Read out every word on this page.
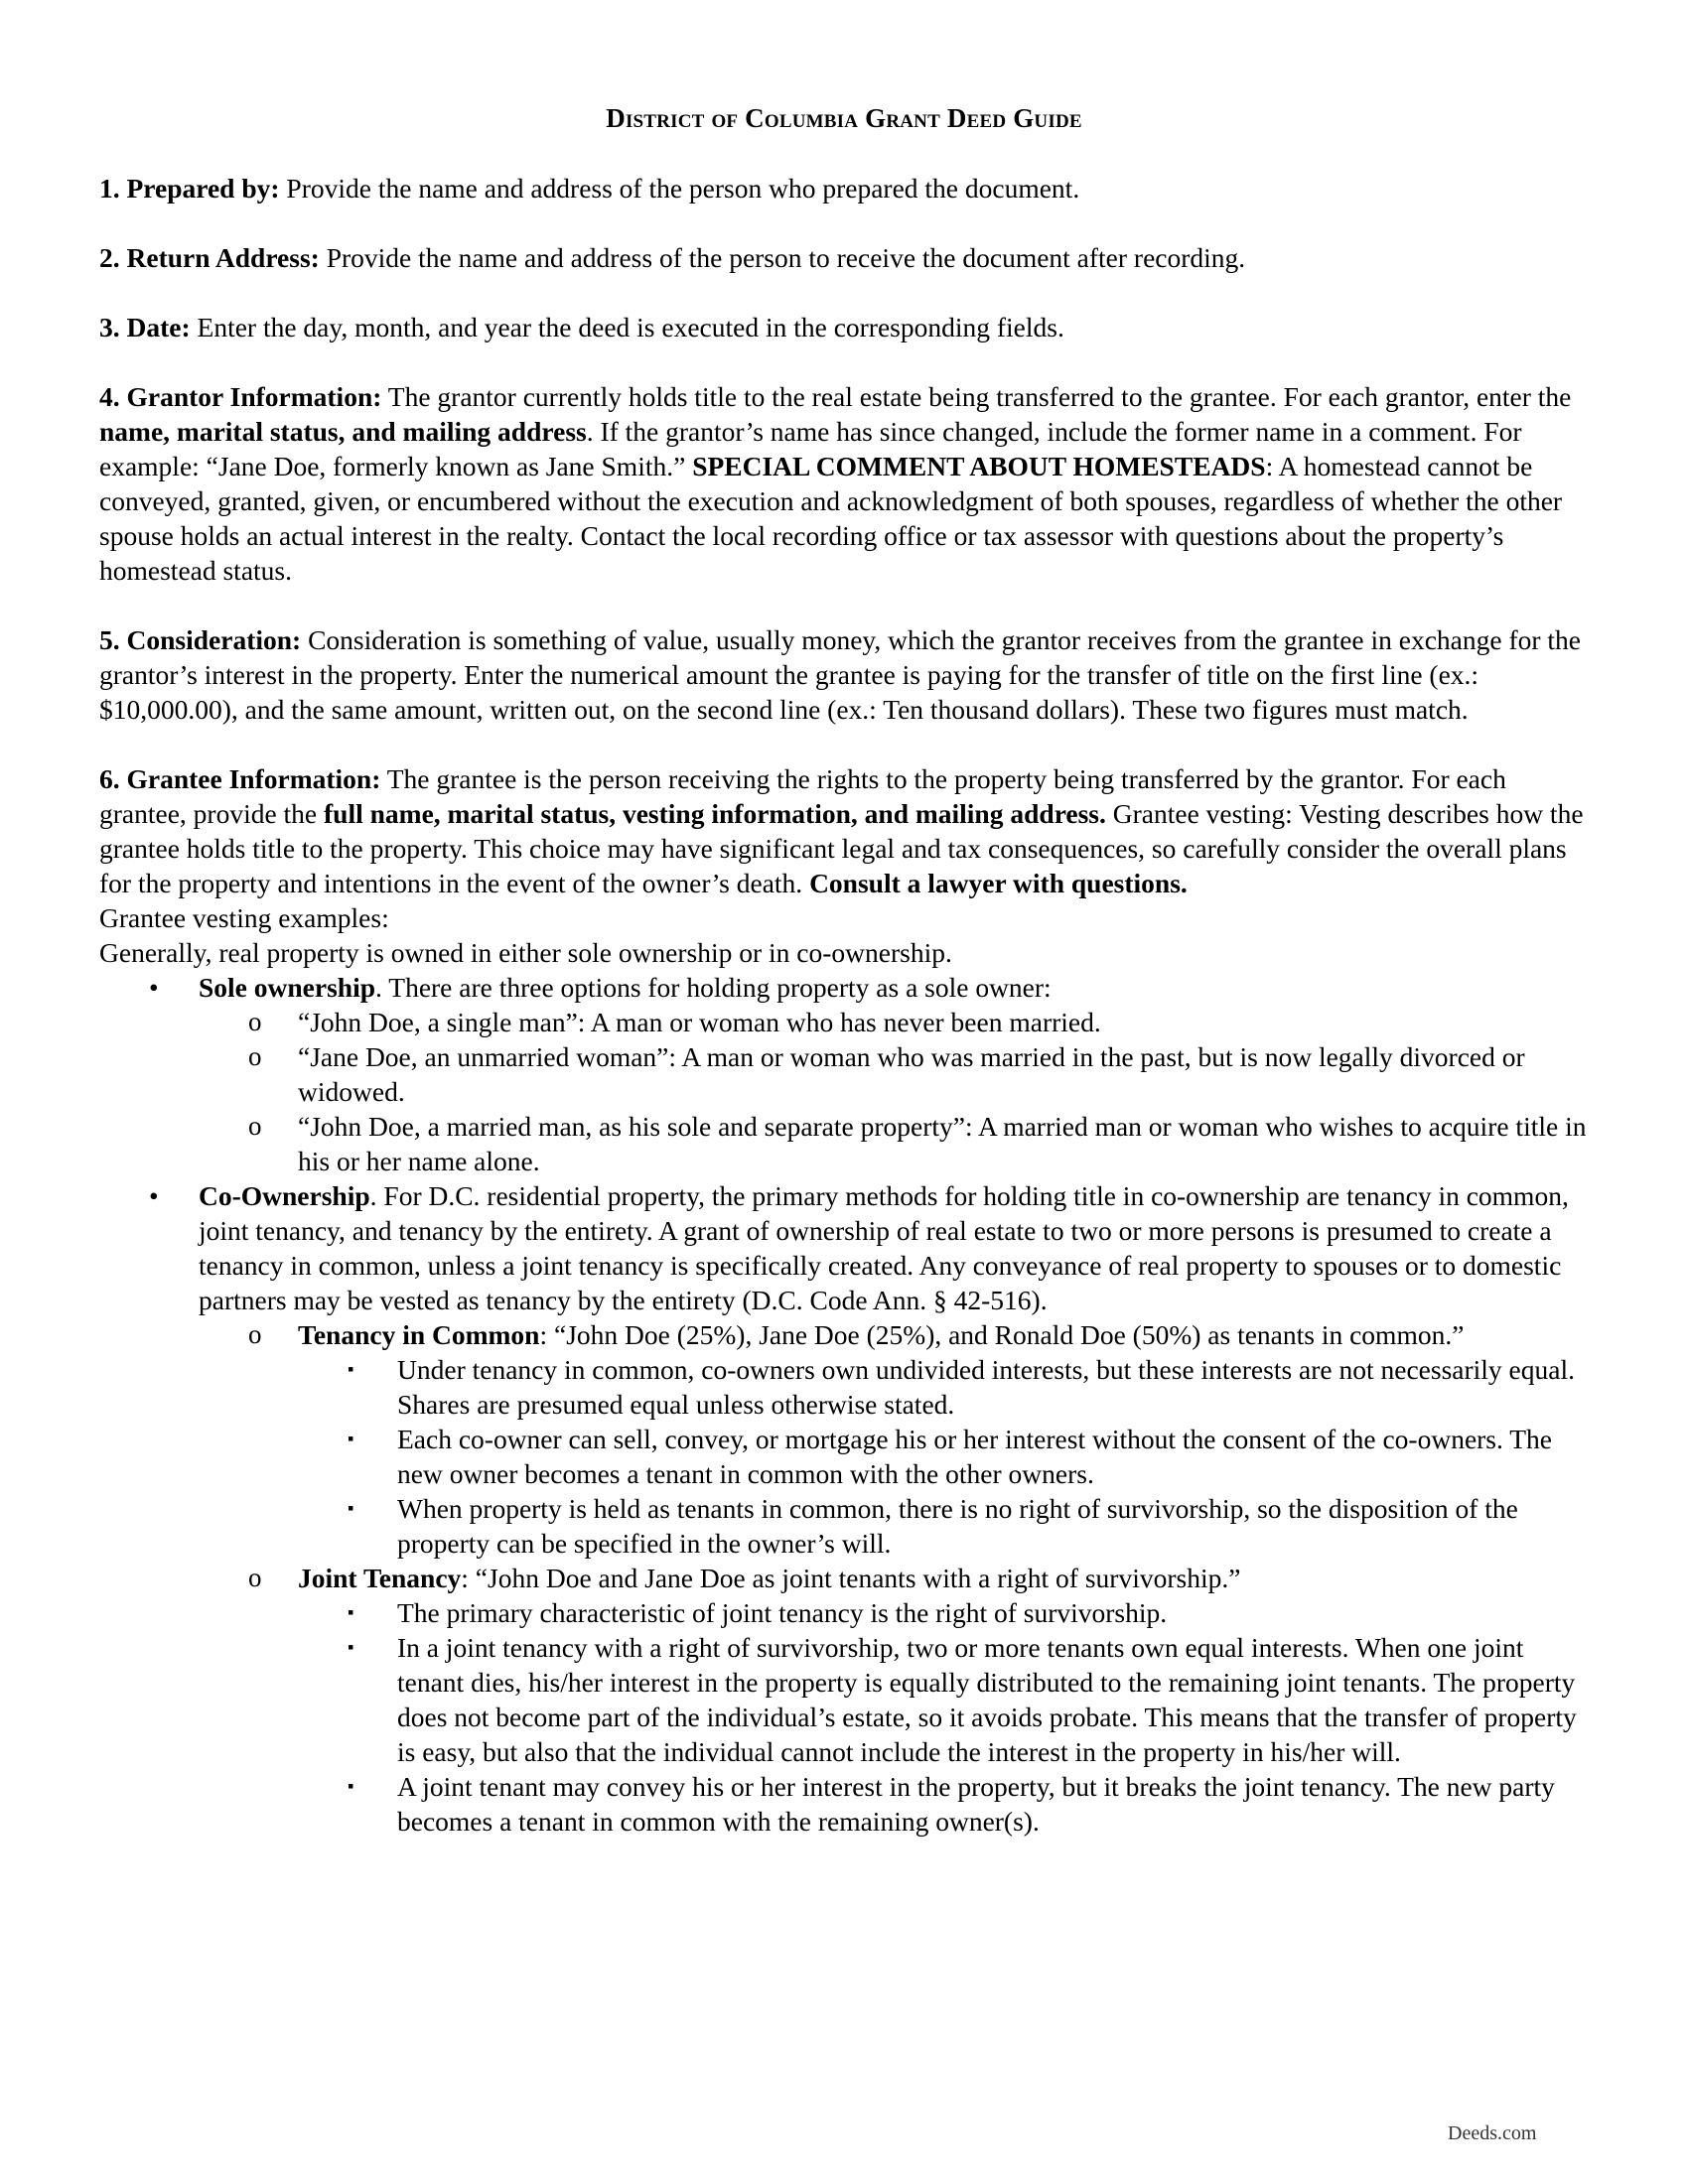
District of Columbia Grant Deed Guide

1. Prepared by: Provide the name and address of the person who prepared the document.

2. Return Address: Provide the name and address of the person to receive the document after recording.

3. Date: Enter the day, month, and year the deed is executed in the corresponding fields.

4. Grantor Information: The grantor currently holds title to the real estate being transferred to the grantee. For each grantor, enter the name, marital status, and mailing address. If the grantor’s name has since changed, include the former name in a comment. For example: “Jane Doe, formerly known as Jane Smith.” SPECIAL COMMENT ABOUT HOMESTEADS: A homestead cannot be conveyed, granted, given, or encumbered without the execution and acknowledgment of both spouses, regardless of whether the other spouse holds an actual interest in the realty. Contact the local recording office or tax assessor with questions about the property’s homestead status.

5. Consideration: Consideration is something of value, usually money, which the grantor receives from the grantee in exchange for the grantor’s interest in the property. Enter the numerical amount the grantee is paying for the transfer of title on the first line (ex.: $10,000.00), and the same amount, written out, on the second line (ex.: Ten thousand dollars). These two figures must match.

6. Grantee Information: The grantee is the person receiving the rights to the property being transferred by the grantor. For each grantee, provide the full name, marital status, vesting information, and mailing address. Grantee vesting: Vesting describes how the grantee holds title to the property. This choice may have significant legal and tax consequences, so carefully consider the overall plans for the property and intentions in the event of the owner’s death. Consult a lawyer with questions.

Grantee vesting examples:

Generally, real property is owned in either sole ownership or in co-ownership.

• Sole ownership. There are three options for holding property as a sole owner:
o “John Doe, a single man”: A man or woman who has never been married.
o “Jane Doe, an unmarried woman”: A man or woman who was married in the past, but is now legally divorced or widowed.
o “John Doe, a married man, as his sole and separate property”: A married man or woman who wishes to acquire title in his or her name alone.
• Co-Ownership. For D.C. residential property, the primary methods for holding title in co-ownership are tenancy in common, joint tenancy, and tenancy by the entirety. A grant of ownership of real estate to two or more persons is presumed to create a tenancy in common, unless a joint tenancy is specifically created. Any conveyance of real property to spouses or to domestic partners may be vested as tenancy by the entirety (D.C. Code Ann. § 42-516).
o Tenancy in Common: “John Doe (25%), Jane Doe (25%), and Ronald Doe (50%) as tenants in common.”
▪ Under tenancy in common, co-owners own undivided interests, but these interests are not necessarily equal. Shares are presumed equal unless otherwise stated.
▪ Each co-owner can sell, convey, or mortgage his or her interest without the consent of the co-owners. The new owner becomes a tenant in common with the other owners.
▪ When property is held as tenants in common, there is no right of survivorship, so the disposition of the property can be specified in the owner’s will.
o Joint Tenancy: “John Doe and Jane Doe as joint tenants with a right of survivorship.”
▪ The primary characteristic of joint tenancy is the right of survivorship.
▪ In a joint tenancy with a right of survivorship, two or more tenants own equal interests. When one joint tenant dies, his/her interest in the property is equally distributed to the remaining joint tenants. The property does not become part of the individual’s estate, so it avoids probate. This means that the transfer of property is easy, but also that the individual cannot include the interest in the property in his/her will.
▪ A joint tenant may convey his or her interest in the property, but it breaks the joint tenancy. The new party becomes a tenant in common with the remaining owner(s).
Deeds.com
